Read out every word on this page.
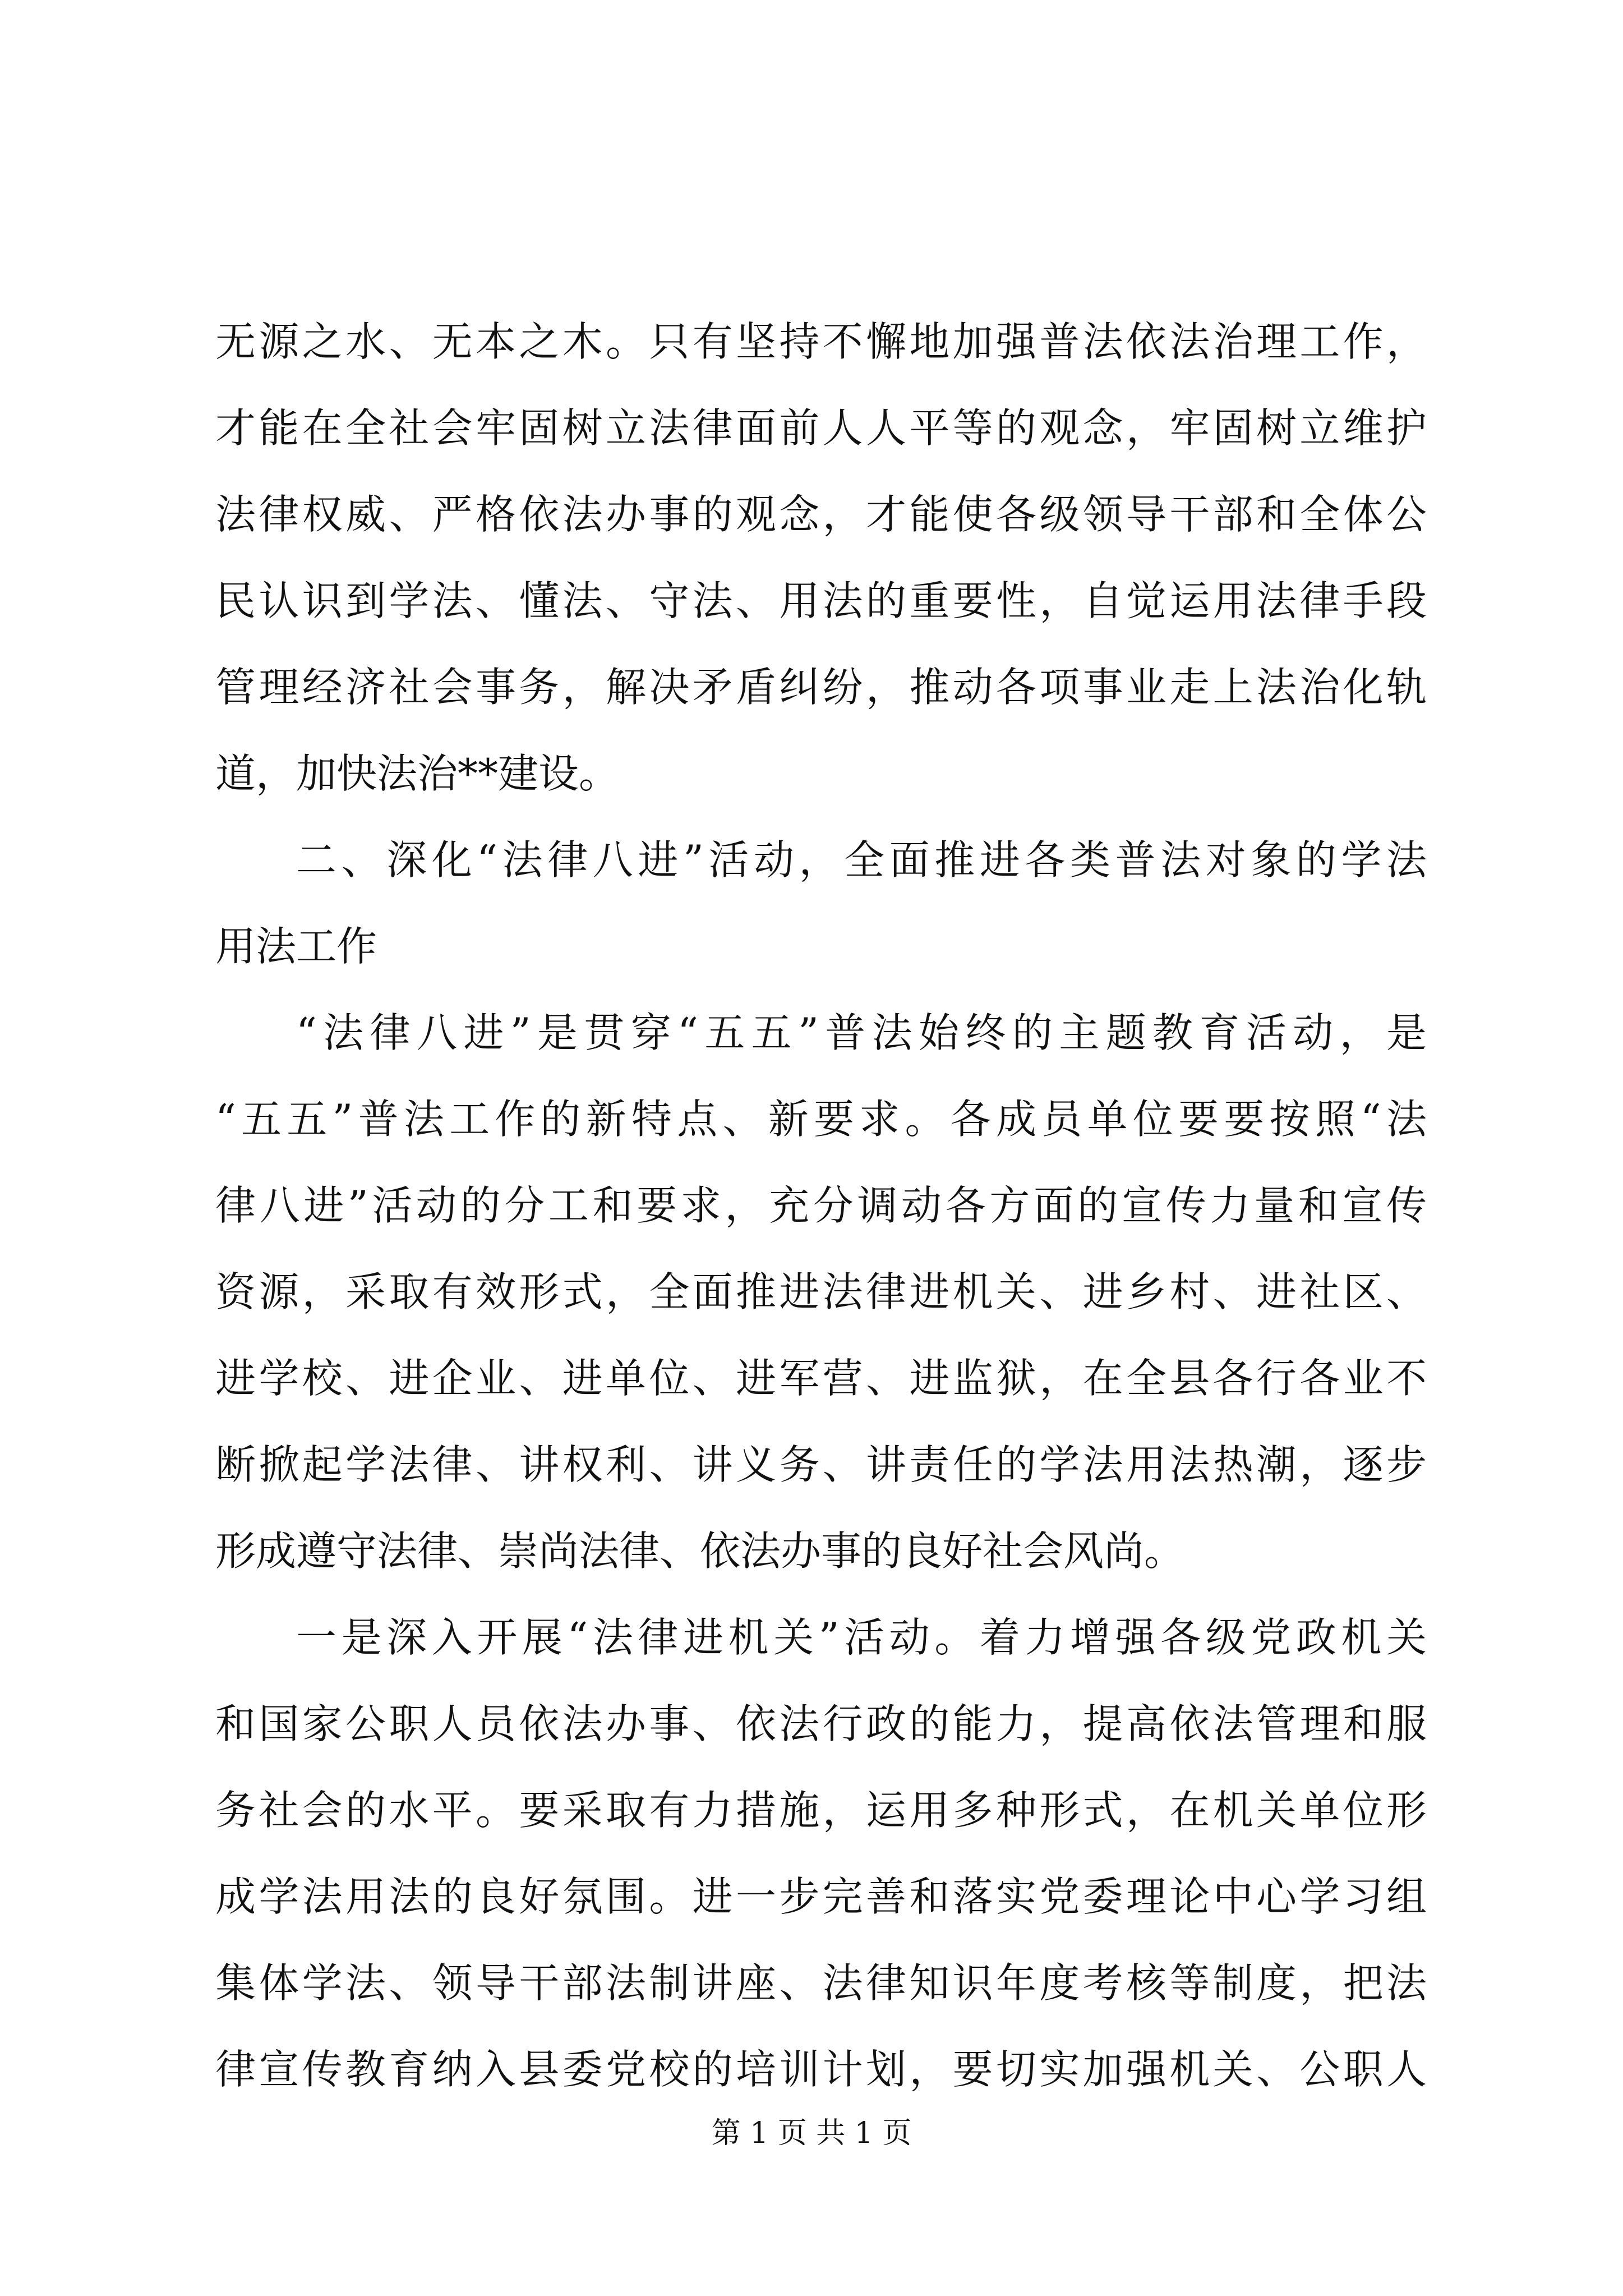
无源之水、无本之木。只有坚持不懈地加强普法依法治理工作，
才能在全社会牢固树立法律面前人人平等的观念，牢固树立维护
法律权威、严格依法办事的观念，才能使各级领导干部和全体公
民认识到学法、懂法、守法、用法的重要性，自觉运用法律手段
管理经济社会事务，解决矛盾纠纷，推动各项事业走上法治化轨
道，加快法治**建设。
二、深化“法律八进”活动，全面推进各类普法对象的学法
用法工作
“法律八进”是贯穿“五五”普法始终的主题教育活动，是
“五五”普法工作的新特点、新要求。各成员单位要要按照“法
律八进”活动的分工和要求，充分调动各方面的宣传力量和宣传
资源，采取有效形式，全面推进法律进机关、进乡村、进社区、
进学校、进企业、进单位、进军营、进监狱，在全县各行各业不
断掀起学法律、讲权利、讲义务、讲责任的学法用法热潮，逐步
形成遵守法律、崇尚法律、依法办事的良好社会风尚。
一是深入开展“法律进机关”活动。着力增强各级党政机关
和国家公职人员依法办事、依法行政的能力，提高依法管理和服
务社会的水平。要采取有力措施，运用多种形式，在机关单位形
成学法用法的良好氛围。进一步完善和落实党委理论中心学习组
集体学法、领导干部法制讲座、法律知识年度考核等制度，把法
律宣传教育纳入县委党校的培训计划，要切实加强机关、公职人
第 1 页 共 1 页
